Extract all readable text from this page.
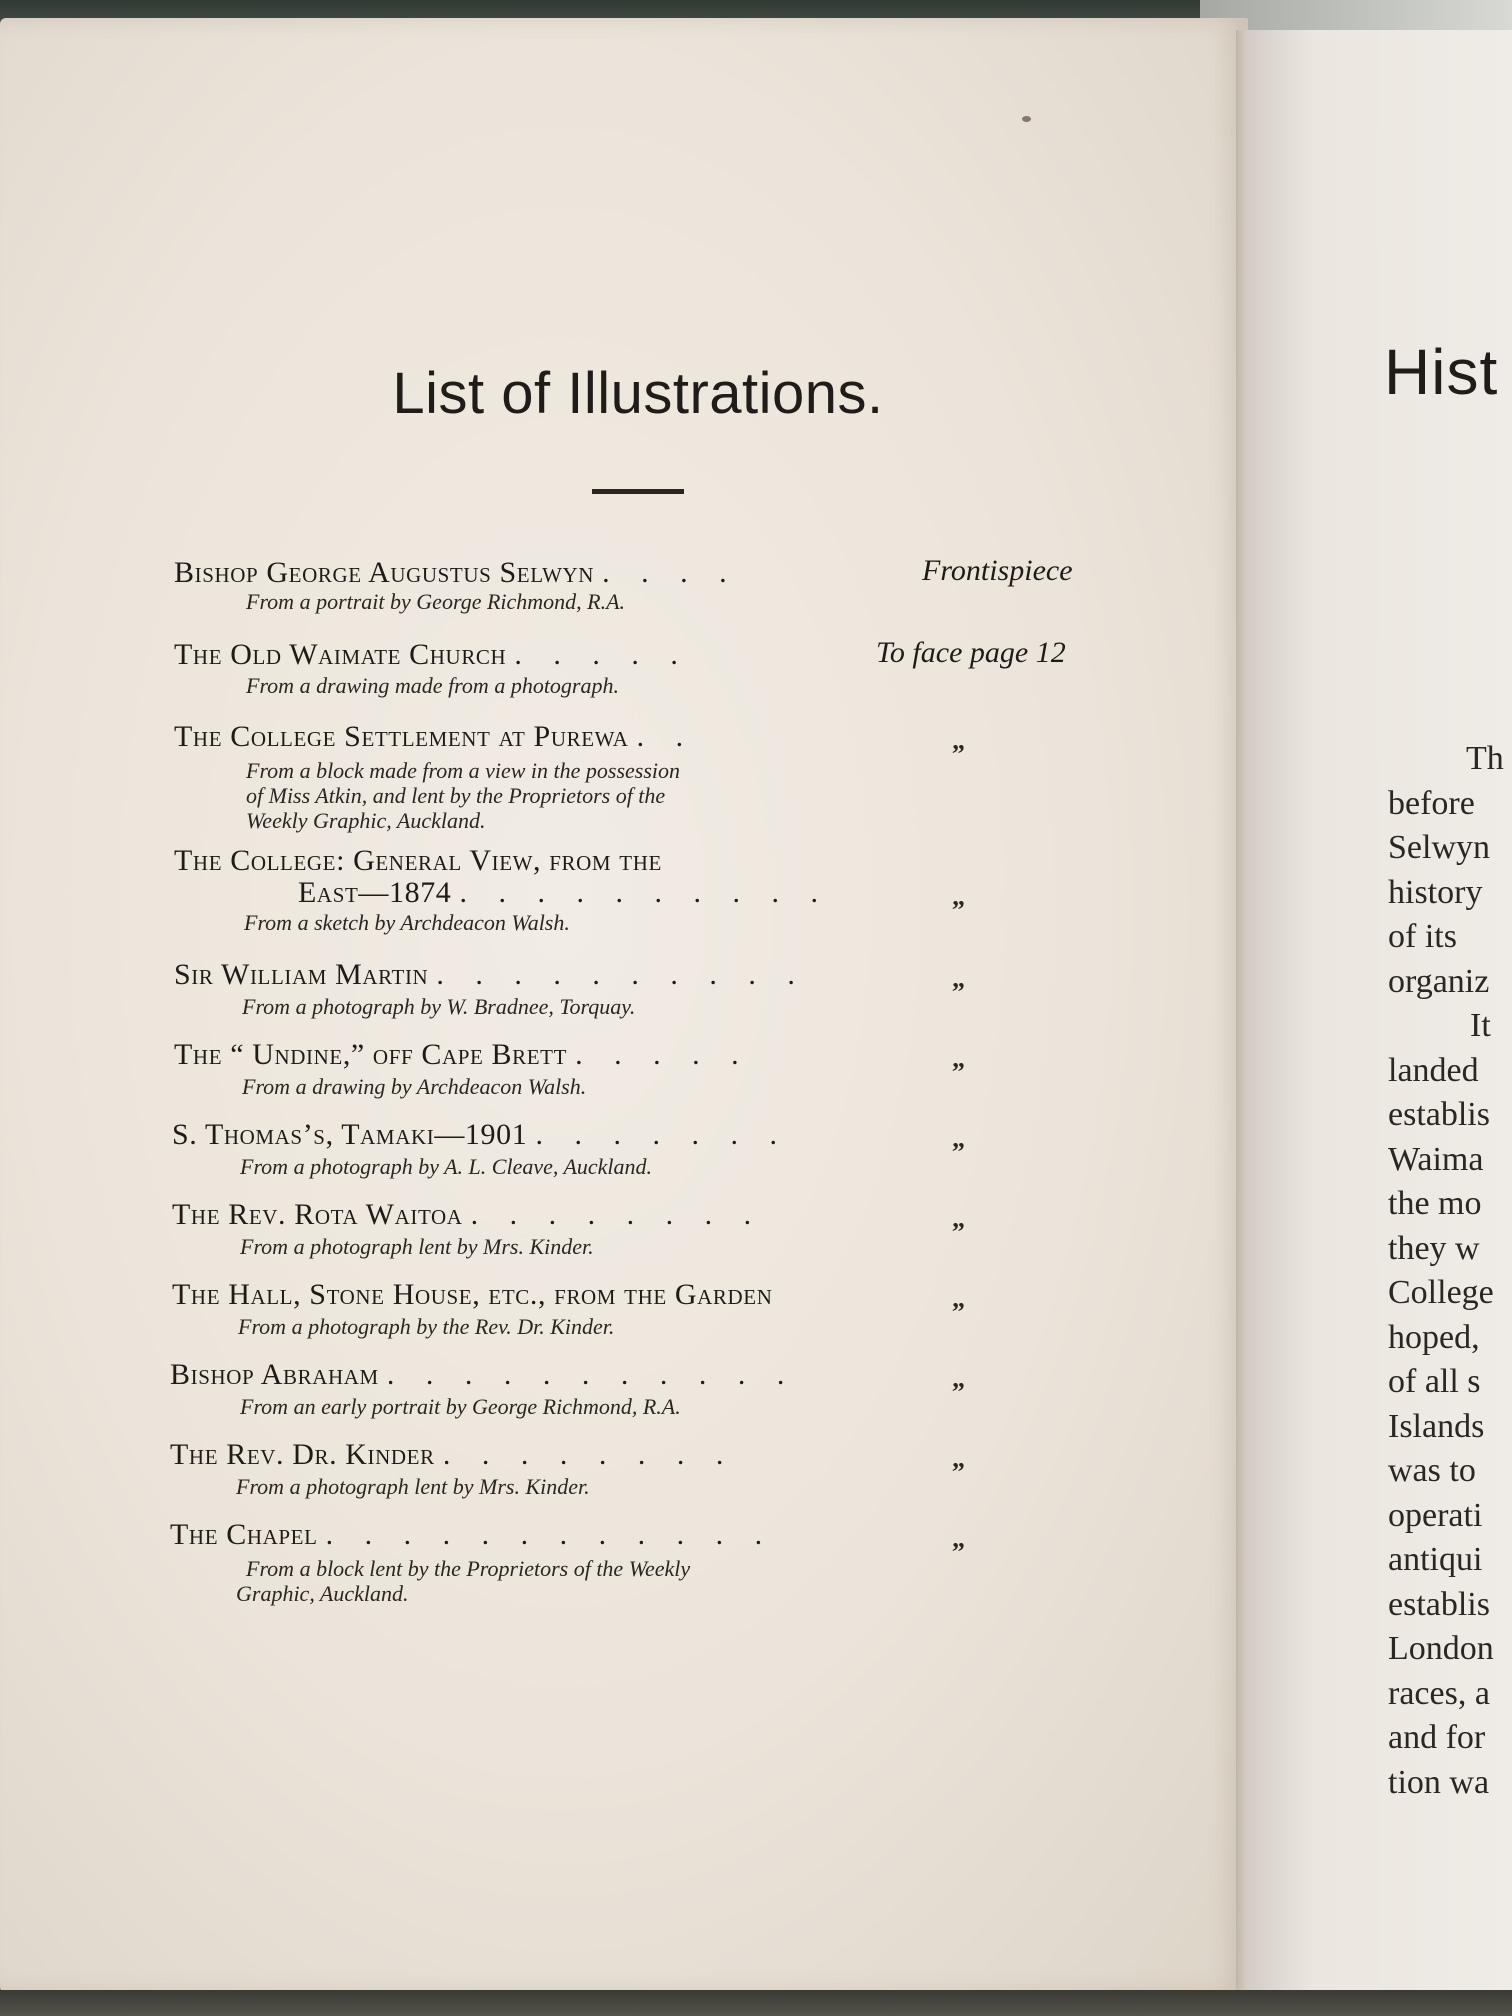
Hist
Th
before
Selwyn
history
of its
organiz
It
landed
establis
Waima
the mo
they w
College
hoped,
of all s
Islands
was to
operati
antiqui
establis
London
races, a
and for
tion wa
List of Illustrations.
Bishop George Augustus Selwyn . . . .	Frontispiece
From a portrait by George Richmond, R.A.
The Old Waimate Church . . . . .	To face page 12
From a drawing made from a photograph.
The College Settlement at Purewa . .	„
From a block made from a view in the possession
of Miss Atkin, and lent by the Proprietors of the
Weekly Graphic, Auckland.
The College: General View, from the
East—1874 . . . . . . . . . .	„
From a sketch by Archdeacon Walsh.
Sir William Martin . . . . . . . . . .	„
From a photograph by W. Bradnee, Torquay.
The “ Undine,” off Cape Brett . . . . .	„
From a drawing by Archdeacon Walsh.
S. Thomas’s, Tamaki—1901 . . . . . . .	„
From a photograph by A. L. Cleave, Auckland.
The Rev. Rota Waitoa . . . . . . . .	„
From a photograph lent by Mrs. Kinder.
The Hall, Stone House, etc., from the Garden	„
From a photograph by the Rev. Dr. Kinder.
Bishop Abraham . . . . . . . . . . .	„
From an early portrait by George Richmond, R.A.
The Rev. Dr. Kinder . . . . . . . .	„
From a photograph lent by Mrs. Kinder.
The Chapel . . . . . . . . . . . .	„
From a block lent by the Proprietors of the Weekly
Graphic, Auckland.
